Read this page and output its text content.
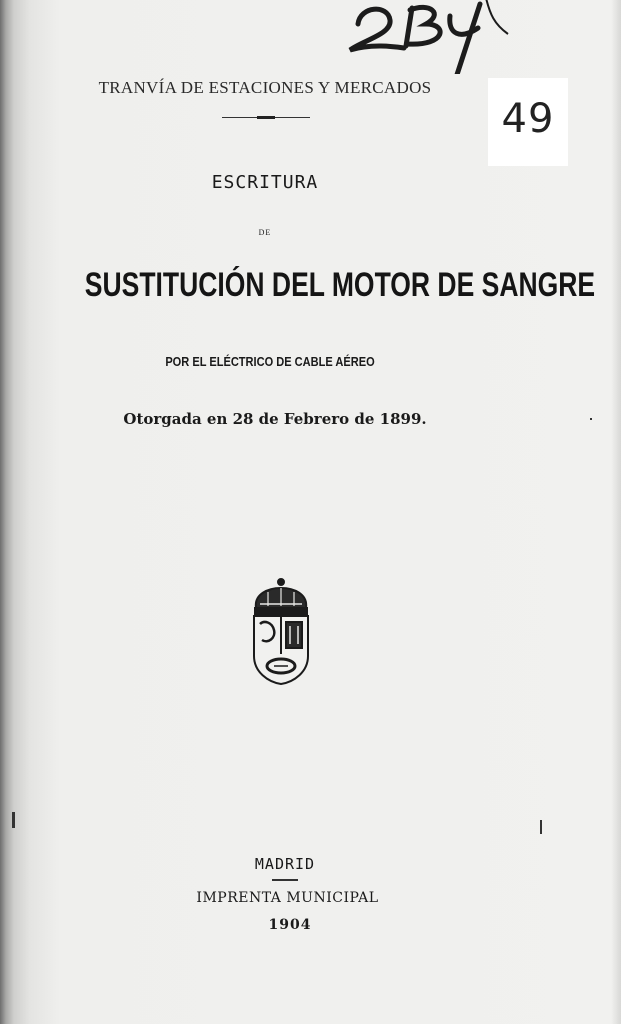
TRANVÍA DE ESTACIONES Y MERCADOS
49
ESCRITURA
DE
SUSTITUCIÓN DEL MOTOR DE SANGRE
POR EL ELÉCTRICO DE CABLE AÉREO
Otorgada en 28 de Febrero de 1899.
MADRID
IMPRENTA MUNICIPAL
1904
